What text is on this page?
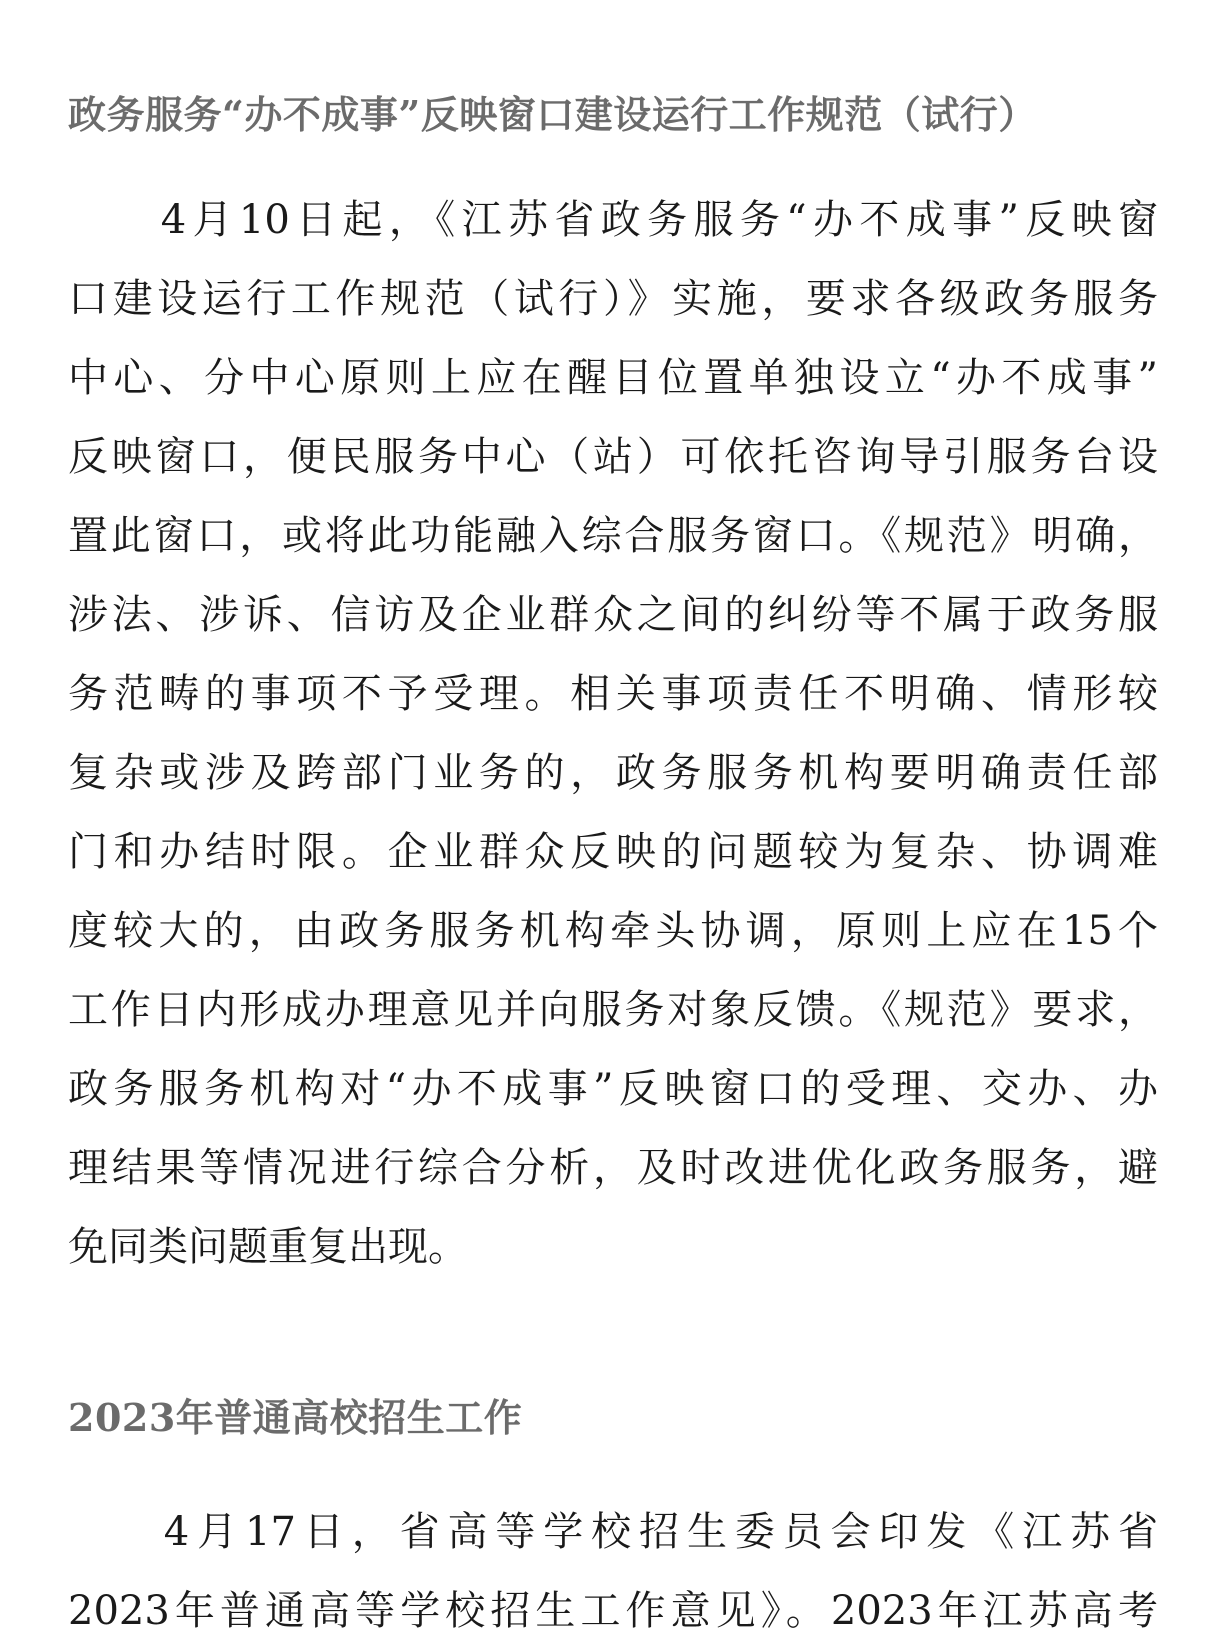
政务服务“办不成事”反映窗口建设运行工作规范（试行）
　　4月10日起，《江苏省政务服务“办不成事”反映窗
口建设运行工作规范（试行）》实施，要求各级政务服务
中心、分中心原则上应在醒目位置单独设立“办不成事”
反映窗口，便民服务中心（站）可依托咨询导引服务台设
置此窗口，或将此功能融入综合服务窗口。《规范》明确，
涉法、涉诉、信访及企业群众之间的纠纷等不属于政务服
务范畴的事项不予受理。相关事项责任不明确、情形较
复杂或涉及跨部门业务的，政务服务机构要明确责任部
门和办结时限。企业群众反映的问题较为复杂、协调难
度较大的，由政务服务机构牵头协调，原则上应在15个
工作日内形成办理意见并向服务对象反馈。《规范》要求，
政务服务机构对“办不成事”反映窗口的受理、交办、办
理结果等情况进行综合分析，及时改进优化政务服务，避
免同类问题重复出现。
2023年普通高校招生工作
　　4月17日，省高等学校招生委员会印发《江苏省
2023年普通高等学校招生工作意见》。2023年江苏高考
